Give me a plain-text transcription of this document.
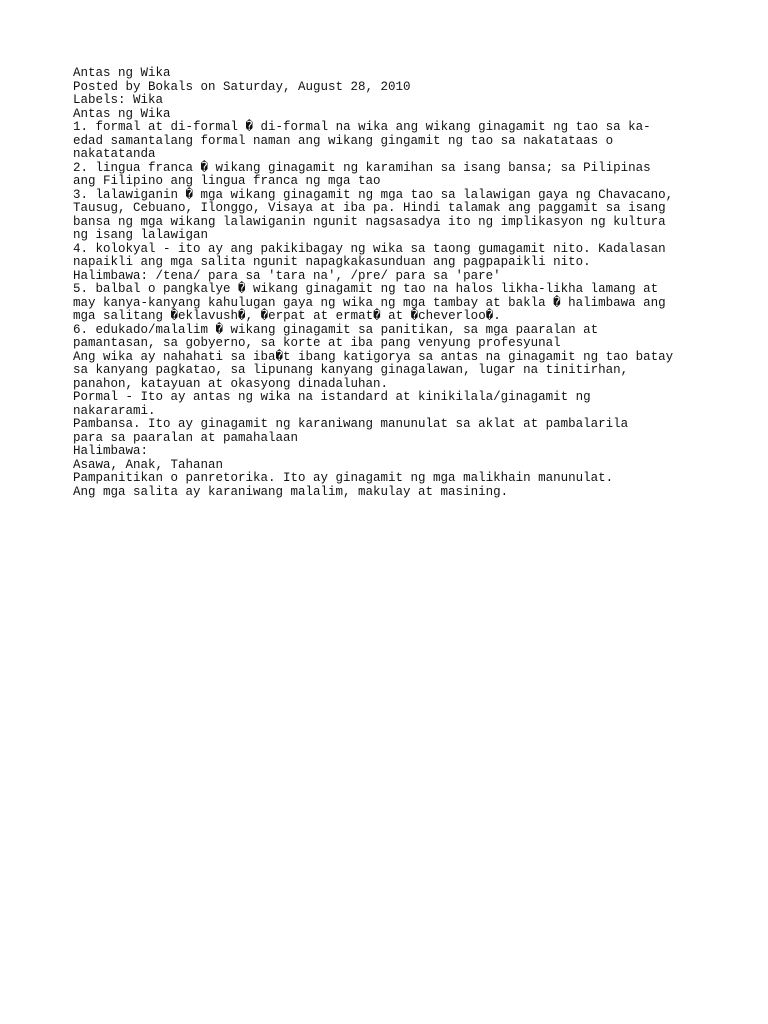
Antas ng Wika

Posted by Bokals on Saturday, August 28, 2010

Labels: Wika

Antas ng Wika

1. formal at di-formal � di-formal na wika ang wikang ginagamit ng tao sa ka-
edad samantalang formal naman ang wikang gingamit ng tao sa nakatataas o
nakatatanda

2. lingua franca � wikang ginagamit ng karamihan sa isang bansa; sa Pilipinas
ang Filipino ang lingua franca ng mga tao

3. lalawiganin � mga wikang ginagamit ng mga tao sa lalawigan gaya ng Chavacano,
Tausug, Cebuano, Ilonggo, Visaya at iba pa. Hindi talamak ang paggamit sa isang
bansa ng mga wikang lalawiganin ngunit nagsasadya ito ng implikasyon ng kultura
ng isang lalawigan

4. kolokyal - ito ay ang pakikibagay ng wika sa taong gumagamit nito. Kadalasan
napaikli ang mga salita ngunit napagkakasunduan ang pagpapaikli nito.
Halimbawa: /tena/ para sa 'tara na', /pre/ para sa 'pare'

5. balbal o pangkalye � wikang ginagamit ng tao na halos likha-likha lamang at
may kanya-kanyang kahulugan gaya ng wika ng mga tambay at bakla � halimbawa ang
mga salitang �eklavush�, �erpat at ermat� at �cheverloo�.

6. edukado/malalim � wikang ginagamit sa panitikan, sa mga paaralan at
pamantasan, sa gobyerno, sa korte at iba pang venyung profesyunal

Ang wika ay nahahati sa iba�t ibang katigorya sa antas na ginagamit ng tao batay
sa kanyang pagkatao, sa lipunang kanyang ginagalawan, lugar na tinitirhan,
panahon, katayuan at okasyong dinadaluhan.

Pormal - Ito ay antas ng wika na istandard at kinikilala/ginagamit ng
nakararami.

Pambansa. Ito ay ginagamit ng karaniwang manunulat sa aklat at pambalarila

para sa paaralan at pamahalaan

Halimbawa:

Asawa, Anak, Tahanan

Pampanitikan o panretorika. Ito ay ginagamit ng mga malikhain manunulat.

Ang mga salita ay karaniwang malalim, makulay at masining.
